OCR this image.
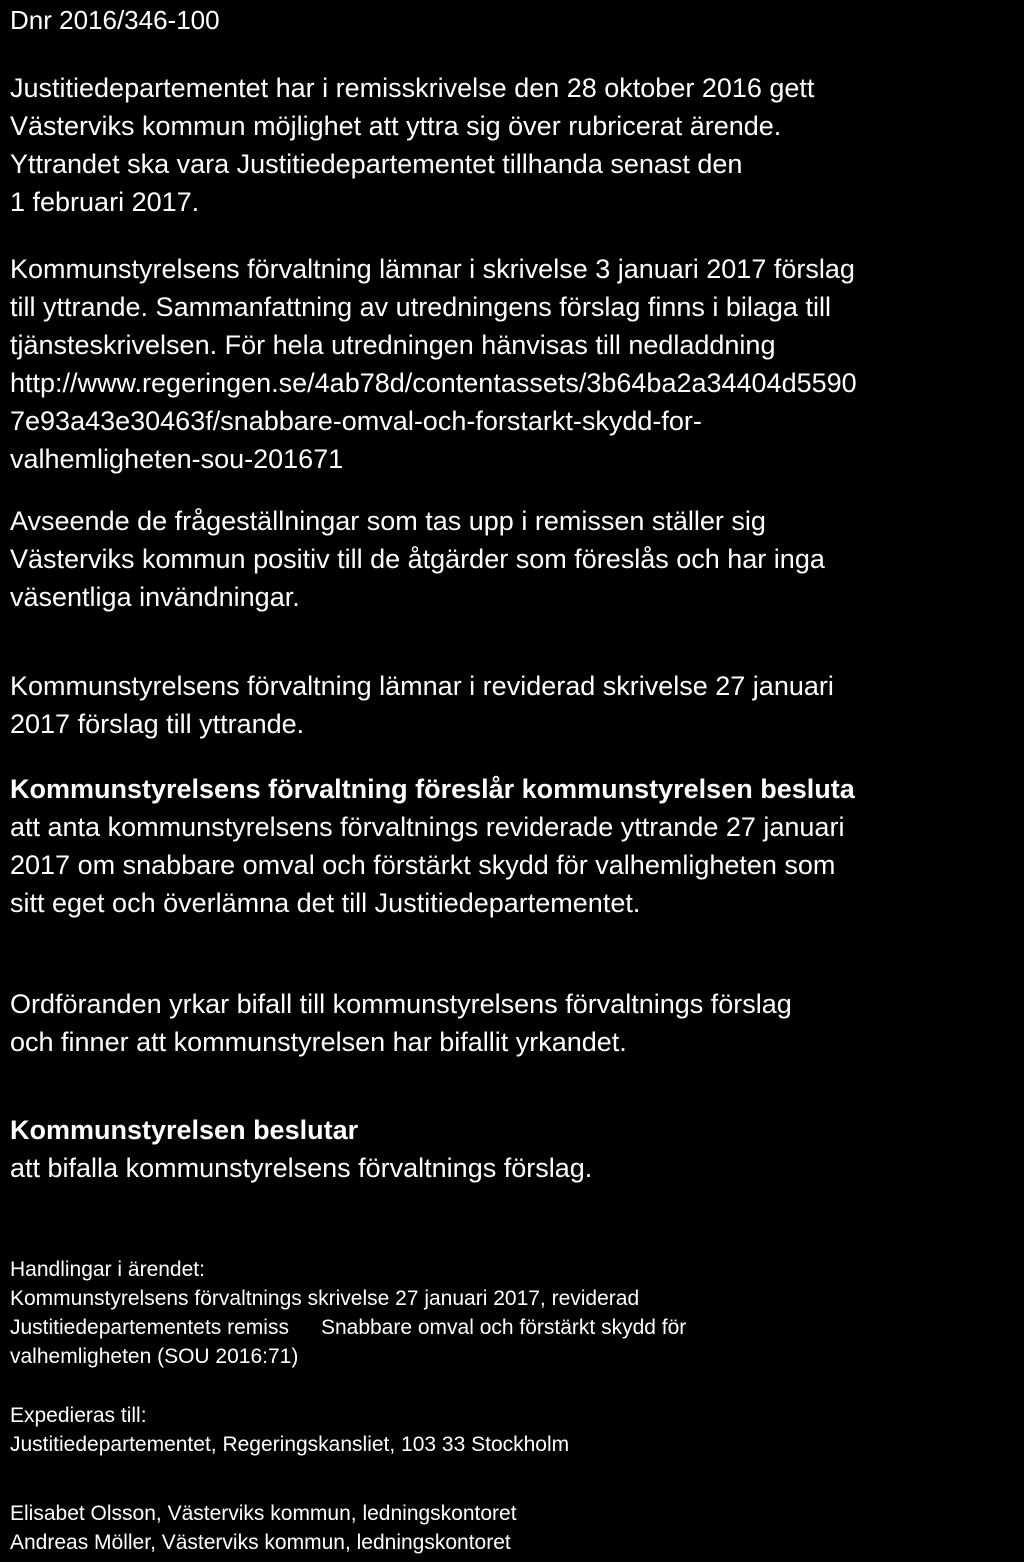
Dnr 2016/346-100
Justitiedepartementet har i remisskrivelse den 28 oktober 2016 gett
Västerviks kommun möjlighet att yttra sig över rubricerat ärende.
Yttrandet ska vara Justitiedepartementet tillhanda senast den
1 februari 2017.
Kommunstyrelsens förvaltning lämnar i skrivelse 3 januari 2017 förslag
till yttrande. Sammanfattning av utredningens förslag finns i bilaga till
tjänsteskrivelsen. För hela utredningen hänvisas till nedladdning
http://www.regeringen.se/4ab78d/contentassets/3b64ba2a34404d5590
7e93a43e30463f/snabbare-omval-och-forstarkt-skydd-for-
valhemligheten-sou-201671
Avseende de frågeställningar som tas upp i remissen ställer sig
Västerviks kommun positiv till de åtgärder som föreslås och har inga
väsentliga invändningar.
Kommunstyrelsens förvaltning lämnar i reviderad skrivelse 27 januari
2017 förslag till yttrande.
Kommunstyrelsens förvaltning föreslår kommunstyrelsen besluta
att anta kommunstyrelsens förvaltnings reviderade yttrande 27 januari
2017 om snabbare omval och förstärkt skydd för valhemligheten som
sitt eget och överlämna det till Justitiedepartementet.
Ordföranden yrkar bifall till kommunstyrelsens förvaltnings förslag
och finner att kommunstyrelsen har bifallit yrkandet.
Kommunstyrelsen beslutar
att bifalla kommunstyrelsens förvaltnings förslag.
Handlingar i ärendet:
Kommunstyrelsens förvaltnings skrivelse 27 januari 2017, reviderad
Justitiedepartementets remiss Snabbare omval och förstärkt skydd för
valhemligheten (SOU 2016:71)
Expedieras till:
Justitiedepartementet, Regeringskansliet, 103 33 Stockholm
Elisabet Olsson, Västerviks kommun, ledningskontoret
Andreas Möller, Västerviks kommun, ledningskontoret
